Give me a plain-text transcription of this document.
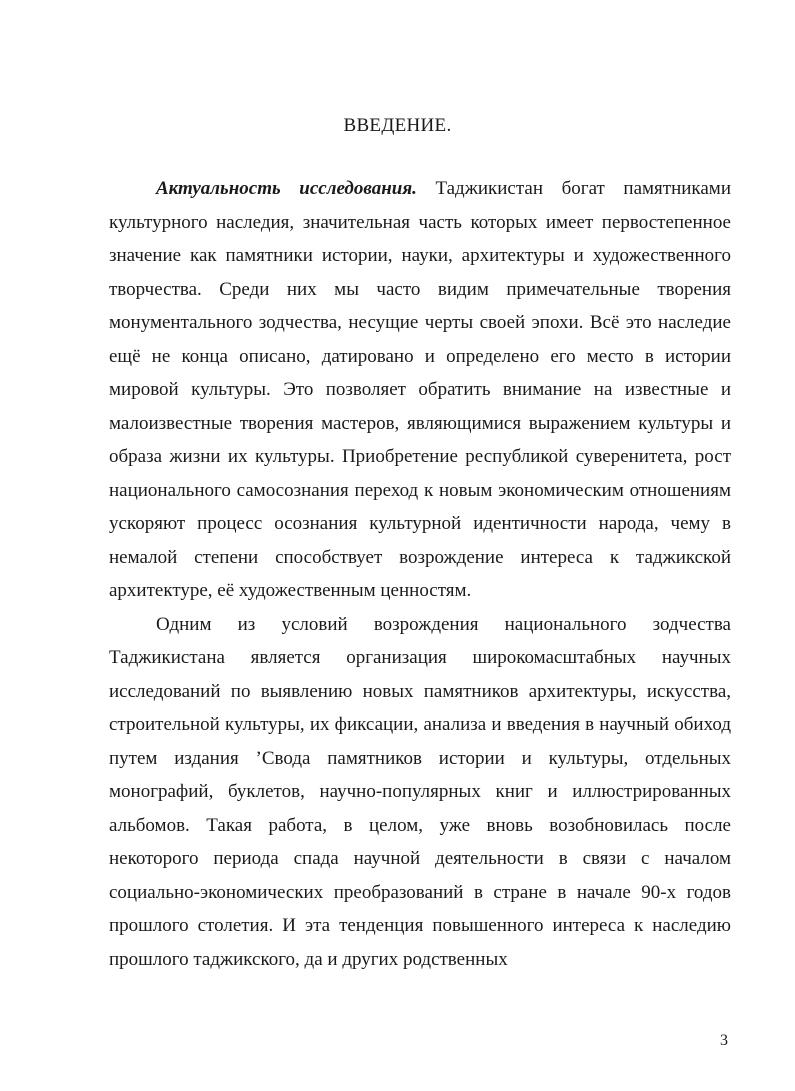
ВВЕДЕНИЕ.

Актуальность исследования. Таджикистан богат памятниками культурного наследия, значительная часть которых имеет первостепенное значение как памятники истории, науки, архитектуры и художественного творчества. Среди них мы часто видим примечательные творения монументального зодчества, несущие черты своей эпохи. Всё это наследие ещё не конца описано, датировано и определено его место в истории мировой культуры. Это позволяет обратить внимание на известные и малоизвестные творения мастеров, являющимися выражением культуры и образа жизни их культуры. Приобретение республикой суверенитета, рост национального самосознания переход к новым экономическим отношениям ускоряют процесс осознания культурной идентичности народа, чему в немалой степени способствует возрождение интереса к таджикской архитектуре, её художественным ценностям.

Одним из условий возрождения национального зодчества Таджикистана является организация широкомасштабных научных исследований по выявлению новых памятников архитектуры, искусства, строительной культуры, их фиксации, анализа и введения в научный обиход путем издания ’Свода памятников истории и культуры, отдельных монографий, буклетов, научно-популярных книг и иллюстрированных альбомов. Такая работа, в целом, уже вновь возобновилась после некоторого периода спада научной деятельности в связи с началом социально-экономических преобразований в стране в начале 90-х годов прошлого столетия. И эта тенденция повышенного интереса к наследию прошлого таджикского, да и других родственных

3
